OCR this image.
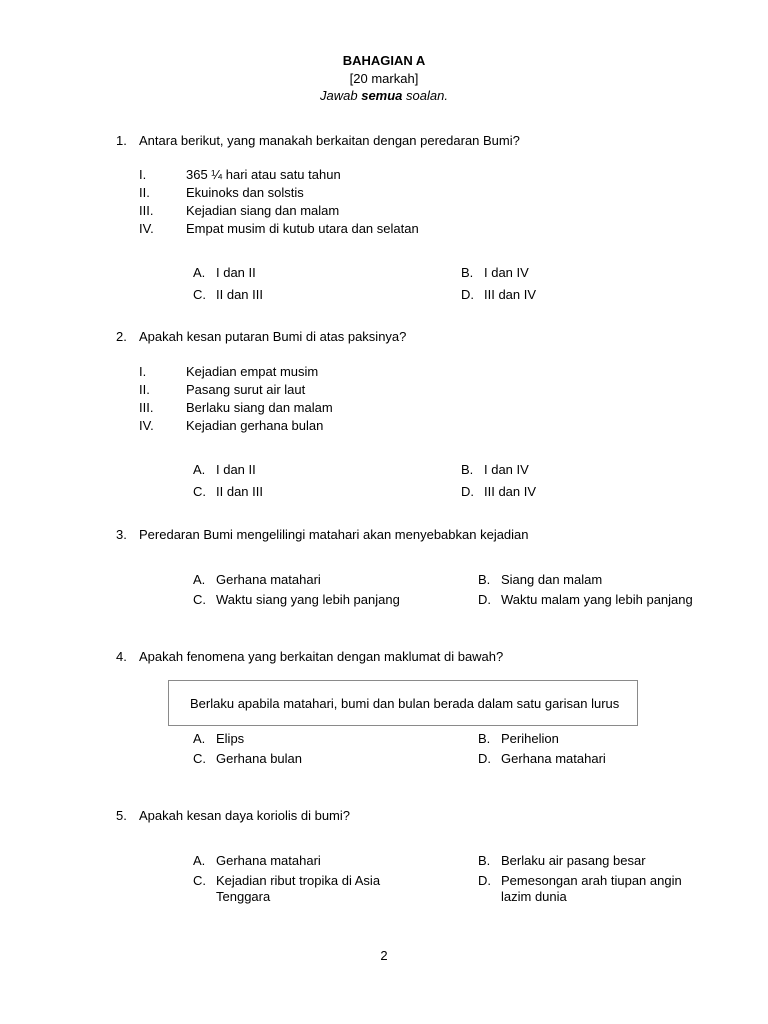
BAHAGIAN A
[20 markah]
Jawab semua soalan.
1. Antara berikut, yang manakah berkaitan dengan peredaran Bumi?
I.	365 ¼ hari atau satu tahun
II.	Ekuinoks dan solstis
III.	Kejadian siang dan malam
IV. Empat musim di kutub utara dan selatan
A. I dan II	B. I dan IV
C. II dan III	D. III dan IV
2. Apakah kesan putaran Bumi di atas paksinya?
I.	Kejadian empat musim
II.	Pasang surut air laut
III.	Berlaku siang dan malam
IV. Kejadian gerhana bulan
A. I dan II	B. I dan IV
C. II dan III	D. III dan IV
3. Peredaran Bumi mengelilingi matahari akan menyebabkan kejadian
A. Gerhana matahari	B. Siang dan malam
C. Waktu siang yang lebih panjang	D. Waktu malam yang lebih panjang
4. Apakah fenomena yang berkaitan dengan maklumat di bawah?
Berlaku apabila matahari, bumi dan bulan berada dalam satu garisan lurus
A. Elips	B. Perihelion
C. Gerhana bulan	D. Gerhana matahari
5. Apakah kesan daya koriolis di bumi?
A. Gerhana matahari	B. Berlaku air pasang besar
C. Kejadian ribut tropika di Asia
Tenggara
D. Pemesongan arah tiupan angin
lazim dunia
2
